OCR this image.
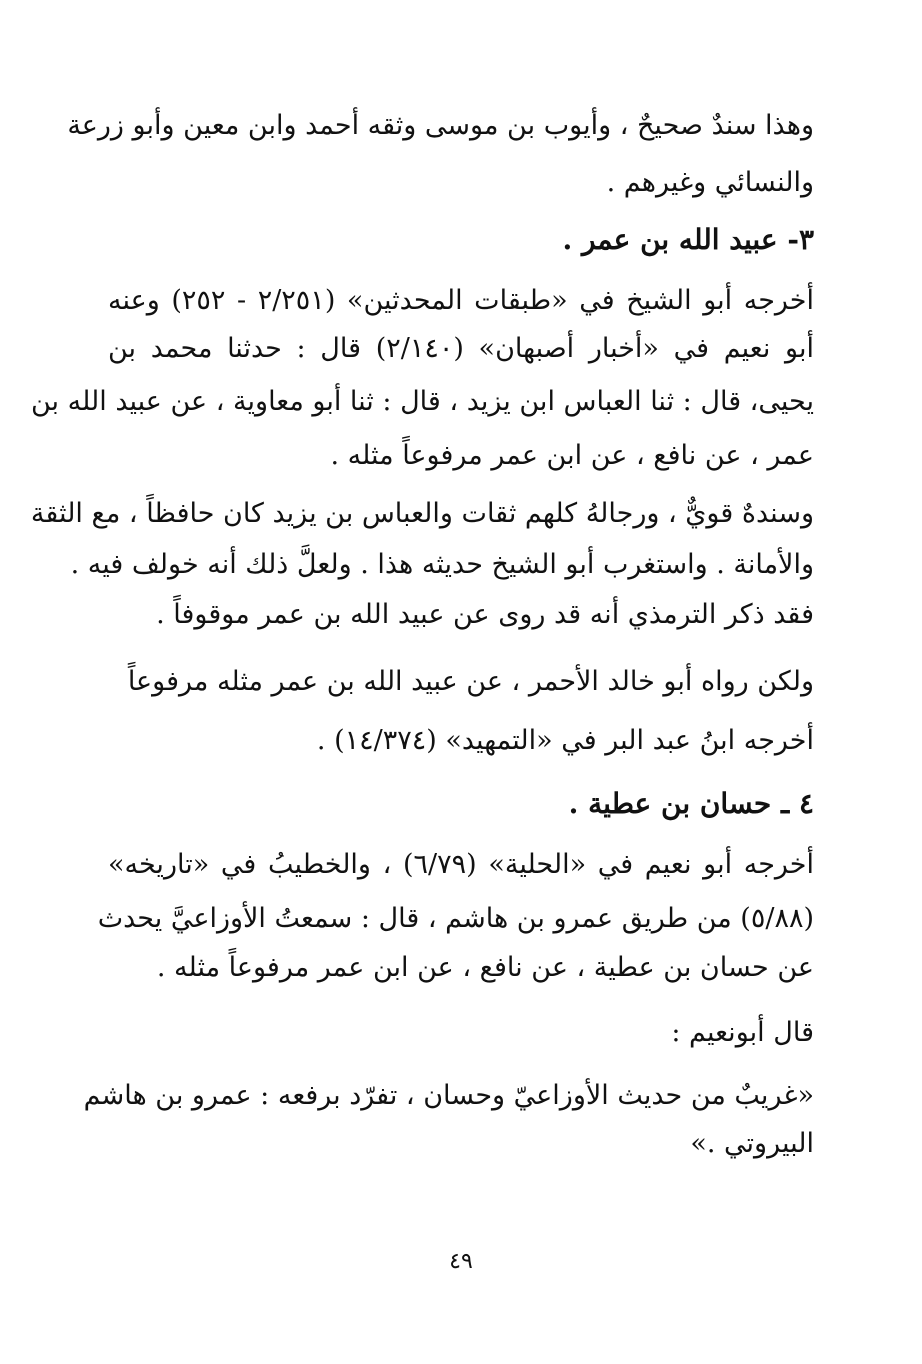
وهذا سندٌ صحيحٌ ، وأيوب بن موسى وثقه أحمد وابن معين وأبو زرعة
والنسائي وغيرهم .
٣- عبيد الله بن عمر .
أخرجه أبو الشيخ في «طبقات المحدثين» (٢/٢٥١ - ٢٥٢) وعنه
أبو نعيم في «أخبار أصبهان» (٢/١٤٠) قال : حدثنا محمد بن
يحيى، قال : ثنا العباس ابن يزيد ، قال : ثنا أبو معاوية ، عن عبيد الله بن
عمر ، عن نافع ، عن ابن عمر مرفوعاً مثله .
وسندهٌ قويٌّ ، ورجالهُ كلهم ثقات والعباس بن يزيد كان حافظاً ، مع الثقة
والأمانة . واستغرب أبو الشيخ حديثه هذا . ولعلَّ ذلك أنه خولف فيه .
فقد ذكر الترمذي أنه قد روى عن عبيد الله بن عمر موقوفاً .
ولكن رواه أبو خالد الأحمر ، عن عبيد الله بن عمر مثله مرفوعاً
أخرجه ابنُ عبد البر في «التمهيد» (١٤/٣٧٤) .
٤ ـ حسان بن عطية .
أخرجه أبو نعيم في «الحلية» (٦/٧٩) ، والخطيبُ في «تاريخه»
(٥/٨٨) من طريق عمرو بن هاشم ، قال : سمعتُ الأوزاعيَّ يحدث
عن حسان بن عطية ، عن نافع ، عن ابن عمر مرفوعاً مثله .
قال أبونعيم :
«غريبٌ من حديث الأوزاعيّ وحسان ، تفرّد برفعه : عمرو بن هاشم
البيروتي .»
٤٩
